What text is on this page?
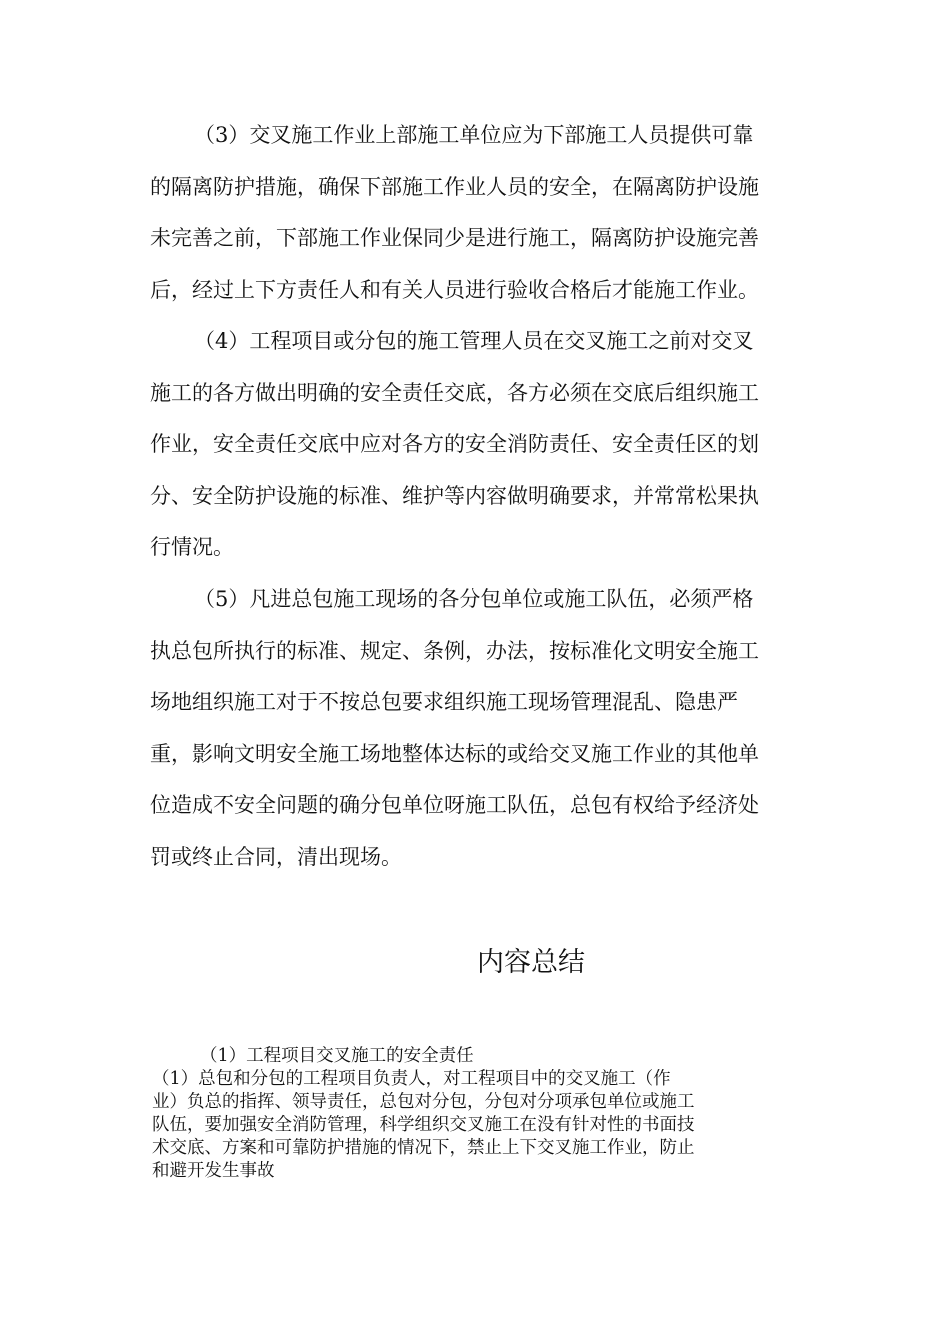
（3）交叉施工作业上部施工单位应为下部施工人员提供可靠
的隔离防护措施，确保下部施工作业人员的安全，在隔离防护设施
未完善之前，下部施工作业保同少是进行施工，隔离防护设施完善
后，经过上下方责任人和有关人员进行验收合格后才能施工作业。
（4）工程项目或分包的施工管理人员在交叉施工之前对交叉
施工的各方做出明确的安全责任交底，各方必须在交底后组织施工
作业，安全责任交底中应对各方的安全消防责任、安全责任区的划
分、安全防护设施的标准、维护等内容做明确要求，并常常松果执
行情况。
（5）凡进总包施工现场的各分包单位或施工队伍，必须严格
执总包所执行的标准、规定、条例，办法，按标准化文明安全施工
场地组织施工对于不按总包要求组织施工现场管理混乱、隐患严
重，影响文明安全施工场地整体达标的或给交叉施工作业的其他单
位造成不安全问题的确分包单位呀施工队伍，总包有权给予经济处
罚或终止合同，清出现场。
内容总结
（1）工程项目交叉施工的安全责任
（1）总包和分包的工程项目负责人，对工程项目中的交叉施工（作
业）负总的指挥、领导责任，总包对分包，分包对分项承包单位或施工
队伍，要加强安全消防管理，科学组织交叉施工在没有针对性的书面技
术交底、方案和可靠防护措施的情况下，禁止上下交叉施工作业，防止
和避开发生事故
